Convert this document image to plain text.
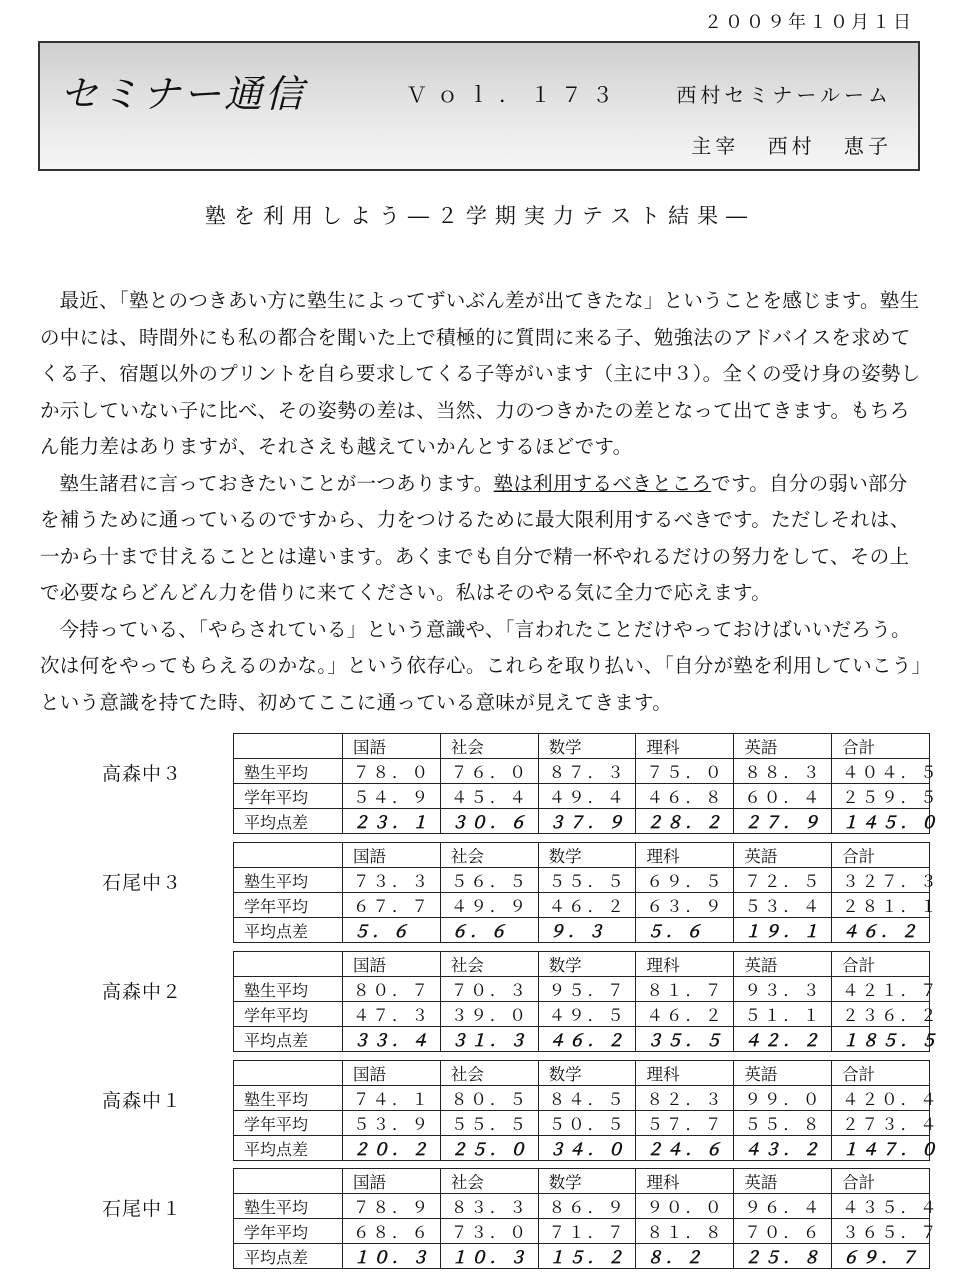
２００９年１０月１日
セミナー通信	Ｖｏｌ．１７３	西村セミナールーム
主宰 西村 恵子
塾を利用しよう―２学期実力テスト結果―

最近、「塾とのつきあい方に塾生によってずいぶん差が出てきたな」ということを感じます。塾生の中には、時間外にも私の都合を聞いた上で積極的に質問に来る子、勉強法のアドバイスを求めてくる子、宿題以外のプリントを自ら要求してくる子等がいます（主に中３）。全くの受け身の姿勢しか示していない子に比べ、その姿勢の差は、当然、力のつきかたの差となって出てきます。もちろん能力差はありますが、それさえも越えていかんとするほどです。

塾生諸君に言っておきたいことが一つあります。塾は利用するべきところです。自分の弱い部分を補うために通っているのですから、力をつけるために最大限利用するべきです。ただしそれは、一から十まで甘えることとは違います。あくまでも自分で精一杯やれるだけの努力をして、その上で必要ならどんどん力を借りに来てください。私はそのやる気に全力で応えます。

今持っている、「やらされている」という意識や、「言われたことだけやっておけばいいだろう。次は何をやってもらえるのかな。」という依存心。これらを取り払い、「自分が塾を利用していこう」という意識を持てた時、初めてここに通っている意味が見えてきます。

高森中３
	国語	社会	数学	理科	英語	合計
塾生平均	７８．０	７６．０	８７．３	７５．０	８８．３	４０４．５
学年平均	５４．９	４５．４	４９．４	４６．８	６０．４	２５９．５
平均点差	２３．１	３０．６	３７．９	２８．２	２７．９	１４５．０
石尾中３
	国語	社会	数学	理科	英語	合計
塾生平均	７３．３	５６．５	５５．５	６９．５	７２．５	３２７．３
学年平均	６７．７	４９．９	４６．２	６３．９	５３．４	２８１．１
平均点差	５．６	６．６	９．３	５．６	１９．１	４６．２
高森中２
	国語	社会	数学	理科	英語	合計
塾生平均	８０．７	７０．３	９５．７	８１．７	９３．３	４２１．７
学年平均	４７．３	３９．０	４９．５	４６．２	５１．１	２３６．２
平均点差	３３．４	３１．３	４６．２	３５．５	４２．２	１８５．５
高森中１
	国語	社会	数学	理科	英語	合計
塾生平均	７４．１	８０．５	８４．５	８２．３	９９．０	４２０．４
学年平均	５３．９	５５．５	５０．５	５７．７	５５．８	２７３．４
平均点差	２０．２	２５．０	３４．０	２４．６	４３．２	１４７．０
石尾中１
	国語	社会	数学	理科	英語	合計
塾生平均	７８．９	８３．３	８６．９	９０．０	９６．４	４３５．４
学年平均	６８．６	７３．０	７１．７	８１．８	７０．６	３６５．７
平均点差	１０．３	１０．３	１５．２	８．２	２５．８	６９．７
